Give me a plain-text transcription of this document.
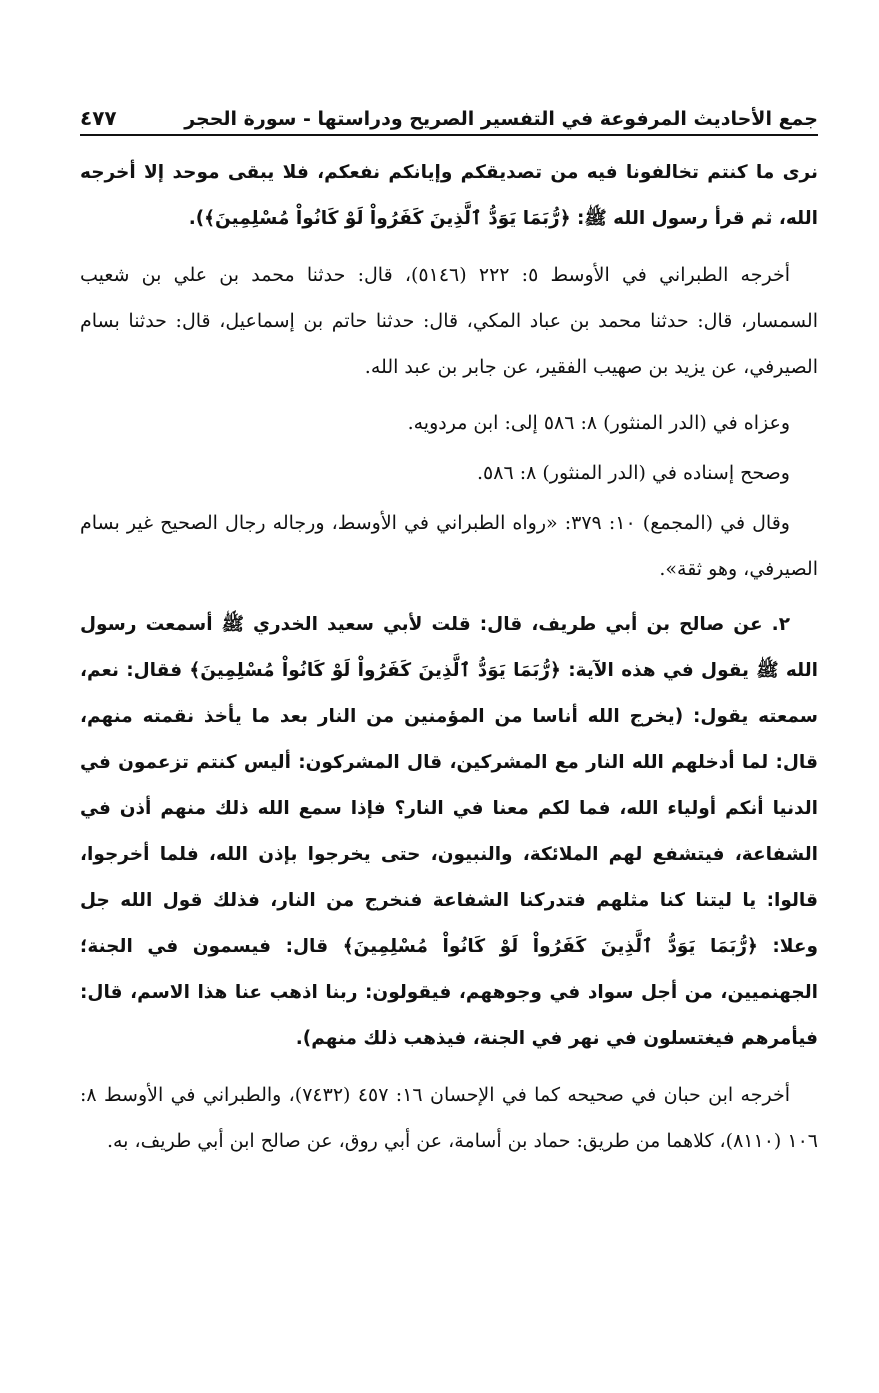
جمع الأحاديث المرفوعة في التفسير الصريح ودراستها - سورة الحجر
٤٧٧

نرى ما كنتم تخالفونا فيه من تصديقكم وإيانكم نفعكم، فلا يبقى موحد إلا أخرجه الله، ثم قرأ رسول الله ﷺ: ﴿رُّبَمَا يَوَدُّ ٱلَّذِينَ كَفَرُواْ لَوْ كَانُواْ مُسْلِمِينَ﴾).

أخرجه الطبراني في الأوسط ٥: ٢٢٢ (٥١٤٦)، قال: حدثنا محمد بن علي بن شعيب السمسار، قال: حدثنا محمد بن عباد المكي، قال: حدثنا حاتم بن إسماعيل، قال: حدثنا بسام الصيرفي، عن يزيد بن صهيب الفقير، عن جابر بن عبد الله.

وعزاه في (الدر المنثور) ٨: ٥٨٦ إلى: ابن مردويه.

وصحح إسناده في (الدر المنثور) ٨: ٥٨٦.

وقال في (المجمع) ١٠: ٣٧٩: «رواه الطبراني في الأوسط، ورجاله رجال الصحيح غير بسام الصيرفي، وهو ثقة».

٢. عن صالح بن أبي طريف، قال: قلت لأبي سعيد الخدري ﷺ أسمعت رسول الله ﷺ يقول في هذه الآية: ﴿رُّبَمَا يَوَدُّ ٱلَّذِينَ كَفَرُواْ لَوْ كَانُواْ مُسْلِمِينَ﴾ فقال: نعم، سمعته يقول: (يخرج الله أناسا من المؤمنين من النار بعد ما يأخذ نقمته منهم، قال: لما أدخلهم الله النار مع المشركين، قال المشركون: أليس كنتم تزعمون في الدنيا أنكم أولياء الله، فما لكم معنا في النار؟ فإذا سمع الله ذلك منهم أذن في الشفاعة، فيتشفع لهم الملائكة، والنبيون، حتى يخرجوا بإذن الله، فلما أخرجوا، قالوا: يا ليتنا كنا مثلهم فتدركنا الشفاعة فنخرج من النار، فذلك قول الله جل وعلا: ﴿رُّبَمَا يَوَدُّ ٱلَّذِينَ كَفَرُواْ لَوْ كَانُواْ مُسْلِمِينَ﴾ قال: فيسمون في الجنة؛ الجهنميين، من أجل سواد في وجوههم، فيقولون: ربنا اذهب عنا هذا الاسم، قال: فيأمرهم فيغتسلون في نهر في الجنة، فيذهب ذلك منهم).

أخرجه ابن حبان في صحيحه كما في الإحسان ١٦: ٤٥٧ (٧٤٣٢)، والطبراني في الأوسط ٨: ١٠٦ (٨١١٠)، كلاهما من طريق: حماد بن أسامة، عن أبي روق، عن صالح ابن أبي طريف، به.
